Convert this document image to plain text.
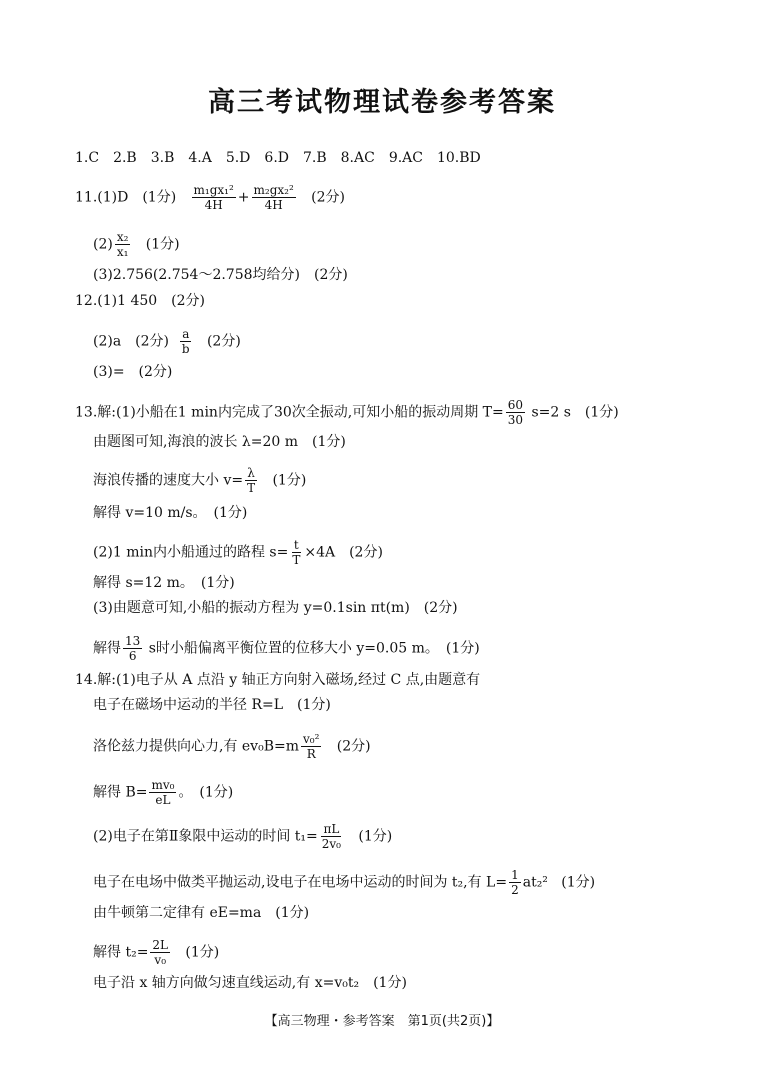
高三考试物理试卷参考答案
1.C　2.B　3.B　4.A　5.D　6.D　7.B　8.AC　9.AC　10.BD
11.(1)D　(1分) $\frac{\text{m₁gx₁²}}{4H} + \frac{\text{m₂gx₂²}}{4H} (2$分)
$(2) \frac{\text{x₂}}{\text{x₁}} (1$分)
(3)2.756(2.754～2.758均给分)　(2分)
12.(1)1 450　(2分)
(2)a　(2分) $\frac{a}{b} (2$分)
(3)=　(2分)
13.解:(1)小船在1 min内完成了30次全振动,可知小船的振动周期 $T= \frac{60}{30} s=2$ s　(1分)
由题图可知,海浪的波长 λ=20 m　(1分)
海浪传播的速度大小 $v= \frac{\lambda}{T} (1$分)
解得 v=10 m/s。　(1分)
(2)1 min内小船通过的路程 $s= \frac{t}{T} \times 4A$　(2分)
解得 s=12 m。　(1分)
(3)由题意可知,小船的振动方程为 y=0.1sin πt(m)　(2分)
解得 $\frac{13}{6}$ s时小船偏离平衡位置的位移大小 y=0.05 m。　(1分)
14.解:(1)电子从 A 点沿 y 轴正方向射入磁场,经过 C 点,由题意有
电子在磁场中运动的半径 R=L　(1分)
洛伦兹力提供向心力,有 $ev_0B=m \frac{\text{v₀²}}{R} (2$分)
解得 $B= \frac{\text{mv₀}}{eL}$ 。　(1分)
(2)电子在第Ⅱ象限中运动的时间 $t_1= \frac{\pi L}{\text{2v₀}} (1$分)
电子在电场中做类平抛运动,设电子在电场中运动的时间为 t₂,有 $L= \frac{1}{2} at_2^2$ (1分)
由牛顿第二定律有 eE=ma　(1分)
解得 $t_2= \frac{2L}{\text{v₀}} (1$分)
电子沿 x 轴方向做匀速直线运动,有 x=v₀t₂　(1分)
【高三物理・参考答案　第1页(共2页)】
